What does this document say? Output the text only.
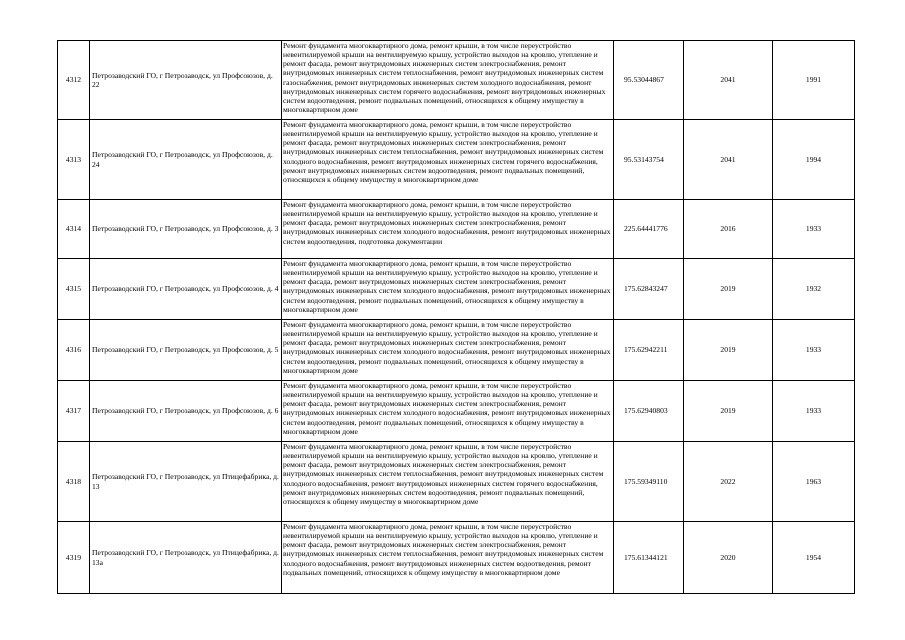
4312	Петрозаводский ГО, г Петрозаводск, ул Профсоюзов, д. 22	Ремонт фундамента многоквартирного дома, ремонт крыши, в том числе переустройство невентилируемой крыши на вентилируемую крышу, устройство выходов на кровлю, утепление и ремонт фасада, ремонт внутридомовых инженерных систем электроснабжения, ремонт внутридомовых инженерных систем теплоснабжения, ремонт внутридомовых инженерных систем газоснабжения, ремонт внутридомовых инженерных систем холодного водоснабжения, ремонт внутридомовых инженерных систем горячего водоснабжения, ремонт внутридомовых инженерных систем водоотведения, ремонт подвальных помещений, относящихся к общему имуществу в многоквартирном доме	95.53044867	2041	1991
4313	Петрозаводский ГО, г Петрозаводск, ул Профсоюзов, д. 24	Ремонт фундамента многоквартирного дома, ремонт крыши, в том числе переустройство невентилируемой крыши на вентилируемую крышу, устройство выходов на кровлю, утепление и ремонт фасада, ремонт внутридомовых инженерных систем электроснабжения, ремонт внутридомовых инженерных систем теплоснабжения, ремонт внутридомовых инженерных систем холодного водоснабжения, ремонт внутридомовых инженерных систем горячего водоснабжения, ремонт внутридомовых инженерных систем водоотведения, ремонт подвальных помещений, относящихся к общему имуществу в многоквартирном доме	95.53143754	2041	1994
4314	Петрозаводский ГО, г Петрозаводск, ул Профсоюзов, д. 3	Ремонт фундамента многоквартирного дома, ремонт крыши, в том числе переустройство невентилируемой крыши на вентилируемую крышу, устройство выходов на кровлю, утепление и ремонт фасада, ремонт внутридомовых инженерных систем электроснабжения, ремонт внутридомовых инженерных систем холодного водоснабжения, ремонт внутридомовых инженерных систем водоотведения, подготовка документации	225.64441776	2016	1933
4315	Петрозаводский ГО, г Петрозаводск, ул Профсоюзов, д. 4	Ремонт фундамента многоквартирного дома, ремонт крыши, в том числе переустройство невентилируемой крыши на вентилируемую крышу, устройство выходов на кровлю, утепление и ремонт фасада, ремонт внутридомовых инженерных систем электроснабжения, ремонт внутридомовых инженерных систем холодного водоснабжения, ремонт внутридомовых инженерных систем водоотведения, ремонт подвальных помещений, относящихся к общему имуществу в многоквартирном доме	175.62843247	2019	1932
4316	Петрозаводский ГО, г Петрозаводск, ул Профсоюзов, д. 5	Ремонт фундамента многоквартирного дома, ремонт крыши, в том числе переустройство невентилируемой крыши на вентилируемую крышу, устройство выходов на кровлю, утепление и ремонт фасада, ремонт внутридомовых инженерных систем электроснабжения, ремонт внутридомовых инженерных систем холодного водоснабжения, ремонт внутридомовых инженерных систем водоотведения, ремонт подвальных помещений, относящихся к общему имуществу в многоквартирном доме	175.62942211	2019	1933
4317	Петрозаводский ГО, г Петрозаводск, ул Профсоюзов, д. 6	Ремонт фундамента многоквартирного дома, ремонт крыши, в том числе переустройство невентилируемой крыши на вентилируемую крышу, устройство выходов на кровлю, утепление и ремонт фасада, ремонт внутридомовых инженерных систем электроснабжения, ремонт внутридомовых инженерных систем холодного водоснабжения, ремонт внутридомовых инженерных систем водоотведения, ремонт подвальных помещений, относящихся к общему имуществу в многоквартирном доме	175.62940803	2019	1933
4318	Петрозаводский ГО, г Петрозаводск, ул Птицефабрика, д. 13	Ремонт фундамента многоквартирного дома, ремонт крыши, в том числе переустройство невентилируемой крыши на вентилируемую крышу, устройство выходов на кровлю, утепление и ремонт фасада, ремонт внутридомовых инженерных систем электроснабжения, ремонт внутридомовых инженерных систем теплоснабжения, ремонт внутридомовых инженерных систем холодного водоснабжения, ремонт внутридомовых инженерных систем горячего водоснабжения, ремонт внутридомовых инженерных систем водоотведения, ремонт подвальных помещений, относящихся к общему имуществу в многоквартирном доме	175.59349110	2022	1963
4319	Петрозаводский ГО, г Петрозаводск, ул Птицефабрика, д. 13а	Ремонт фундамента многоквартирного дома, ремонт крыши, в том числе переустройство невентилируемой крыши на вентилируемую крышу, устройство выходов на кровлю, утепление и ремонт фасада, ремонт внутридомовых инженерных систем электроснабжения, ремонт внутридомовых инженерных систем теплоснабжения, ремонт внутридомовых инженерных систем холодного водоснабжения, ремонт внутридомовых инженерных систем водоотведения, ремонт подвальных помещений, относящихся к общему имуществу в многоквартирном доме	175.61344121	2020	1954
